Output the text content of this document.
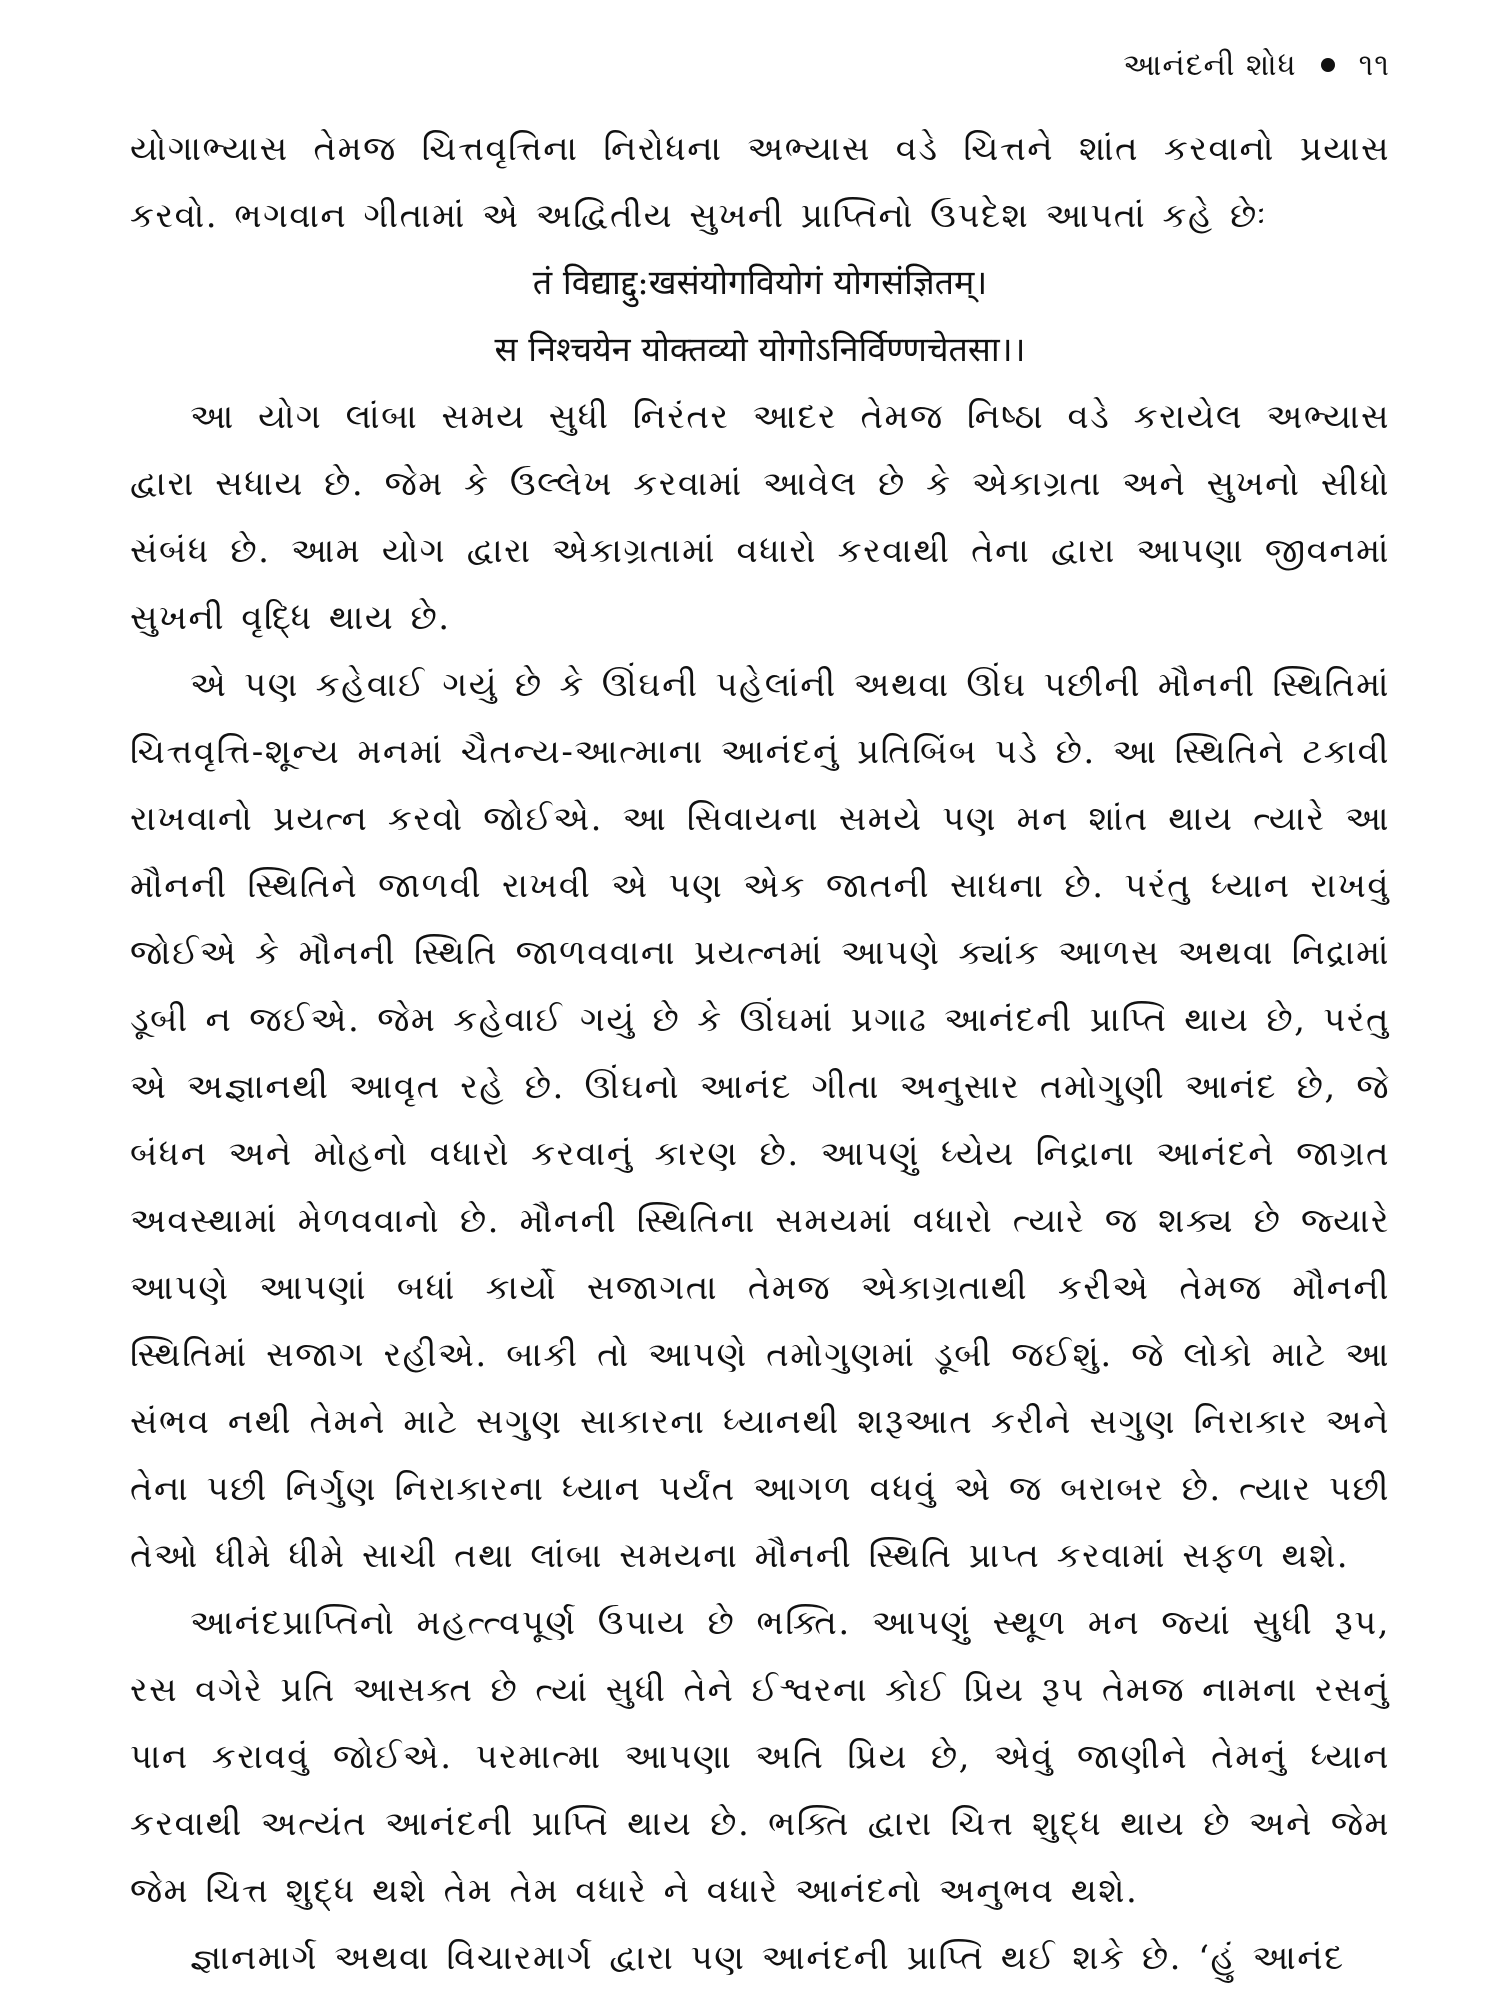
આનંદની શોધ ૧૧

યોગાભ્યાસ તેમજ ચિત્તવૃત્તિના નિરોધના અભ્યાસ વડે ચિત્તને શાંત કરવાનો પ્રયાસ કરવો. ભગવાન ગીતામાં એ અદ્વિતીય સુખની પ્રાપ્તિનો ઉપદેશ આપતાં કહે છેઃ

तं विद्याद्दु:खसंयोगवियोगं योगसंज्ञितम्।

स निश्चयेन योक्तव्यो योगोऽनिर्विण्णचेतसा।।

આ યોગ લાંબા સમય સુધી નિરંતર આદર તેમજ નિષ્ઠા વડે કરાયેલ અભ્યાસ દ્વારા સધાય છે. જેમ કે ઉલ્લેખ કરવામાં આવેલ છે કે એકાગ્રતા અને સુખનો સીધો સંબંધ છે. આમ યોગ દ્વારા એકાગ્રતામાં વધારો કરવાથી તેના દ્વારા આપણા જીવનમાં સુખની વૃદ્ધિ થાય છે.

એ પણ કહેવાઈ ગયું છે કે ઊંઘની પહેલાંની અથવા ઊંઘ પછીની મૌનની સ્થિતિમાં ચિત્તવૃત્તિ-શૂન્ય મનમાં ચૈતન્ય-આત્માના આનંદનું પ્રતિબિંબ પડે છે. આ સ્થિતિને ટકાવી રાખવાનો પ્રયત્ન કરવો જોઈએ. આ સિવાયના સમયે પણ મન શાંત થાય ત્યારે આ મૌનની સ્થિતિને જાળવી રાખવી એ પણ એક જાતની સાધના છે. પરંતુ ધ્યાન રાખવું જોઈએ કે મૌનની સ્થિતિ જાળવવાના પ્રયત્નમાં આપણે ક્યાંક આળસ અથવા નિદ્રામાં ડૂબી ન જઈએ. જેમ કહેવાઈ ગયું છે કે ઊંઘમાં પ્રગાઢ આનંદની પ્રાપ્તિ થાય છે, પરંતુ એ અજ્ઞાનથી આવૃત રહે છે. ઊંઘનો આનંદ ગીતા અનુસાર તમોગુણી આનંદ છે, જે બંધન અને મોહનો વધારો કરવાનું કારણ છે. આપણું ધ્યેય નિદ્રાના આનંદને જાગ્રત અવસ્થામાં મેળવવાનો છે. મૌનની સ્થિતિના સમયમાં વધારો ત્યારે જ શક્ય છે જ્યારે આપણે આપણાં બધાં કાર્યો સજાગતા તેમજ એકાગ્રતાથી કરીએ તેમજ મૌનની સ્થિતિમાં સજાગ રહીએ. બાકી તો આપણે તમોગુણમાં ડૂબી જઈશું. જે લોકો માટે આ સંભવ નથી તેમને માટે સગુણ સાકારના ધ્યાનથી શરૂઆત કરીને સગુણ નિરાકાર અને તેના પછી નિર્ગુણ નિરાકારના ધ્યાન પર્યંત આગળ વધવું એ જ બરાબર છે. ત્યાર પછી તેઓ ધીમે ધીમે સાચી તથા લાંબા સમયના મૌનની સ્થિતિ પ્રાપ્ત કરવામાં સફળ થશે.

આનંદપ્રાપ્તિનો મહત્ત્વપૂર્ણ ઉપાય છે ભક્તિ. આપણું સ્થૂળ મન જ્યાં સુધી રૂપ, રસ વગેરે પ્રતિ આસક્ત છે ત્યાં સુધી તેને ઈશ્વરના કોઈ પ્રિય રૂપ તેમજ નામના રસનું પાન કરાવવું જોઈએ. પરમાત્મા આપણા અતિ પ્રિય છે, એવું જાણીને તેમનું ધ્યાન કરવાથી અત્યંત આનંદની પ્રાપ્તિ થાય છે. ભક્તિ દ્વારા ચિત્ત શુદ્ધ થાય છે અને જેમ જેમ ચિત્ત શુદ્ધ થશે તેમ તેમ વધારે ને વધારે આનંદનો અનુભવ થશે.

જ્ઞાનમાર્ગ અથવા વિચારમાર્ગ દ્વારા પણ આનંદની પ્રાપ્તિ થઈ શકે છે. ‘હું આનંદ
